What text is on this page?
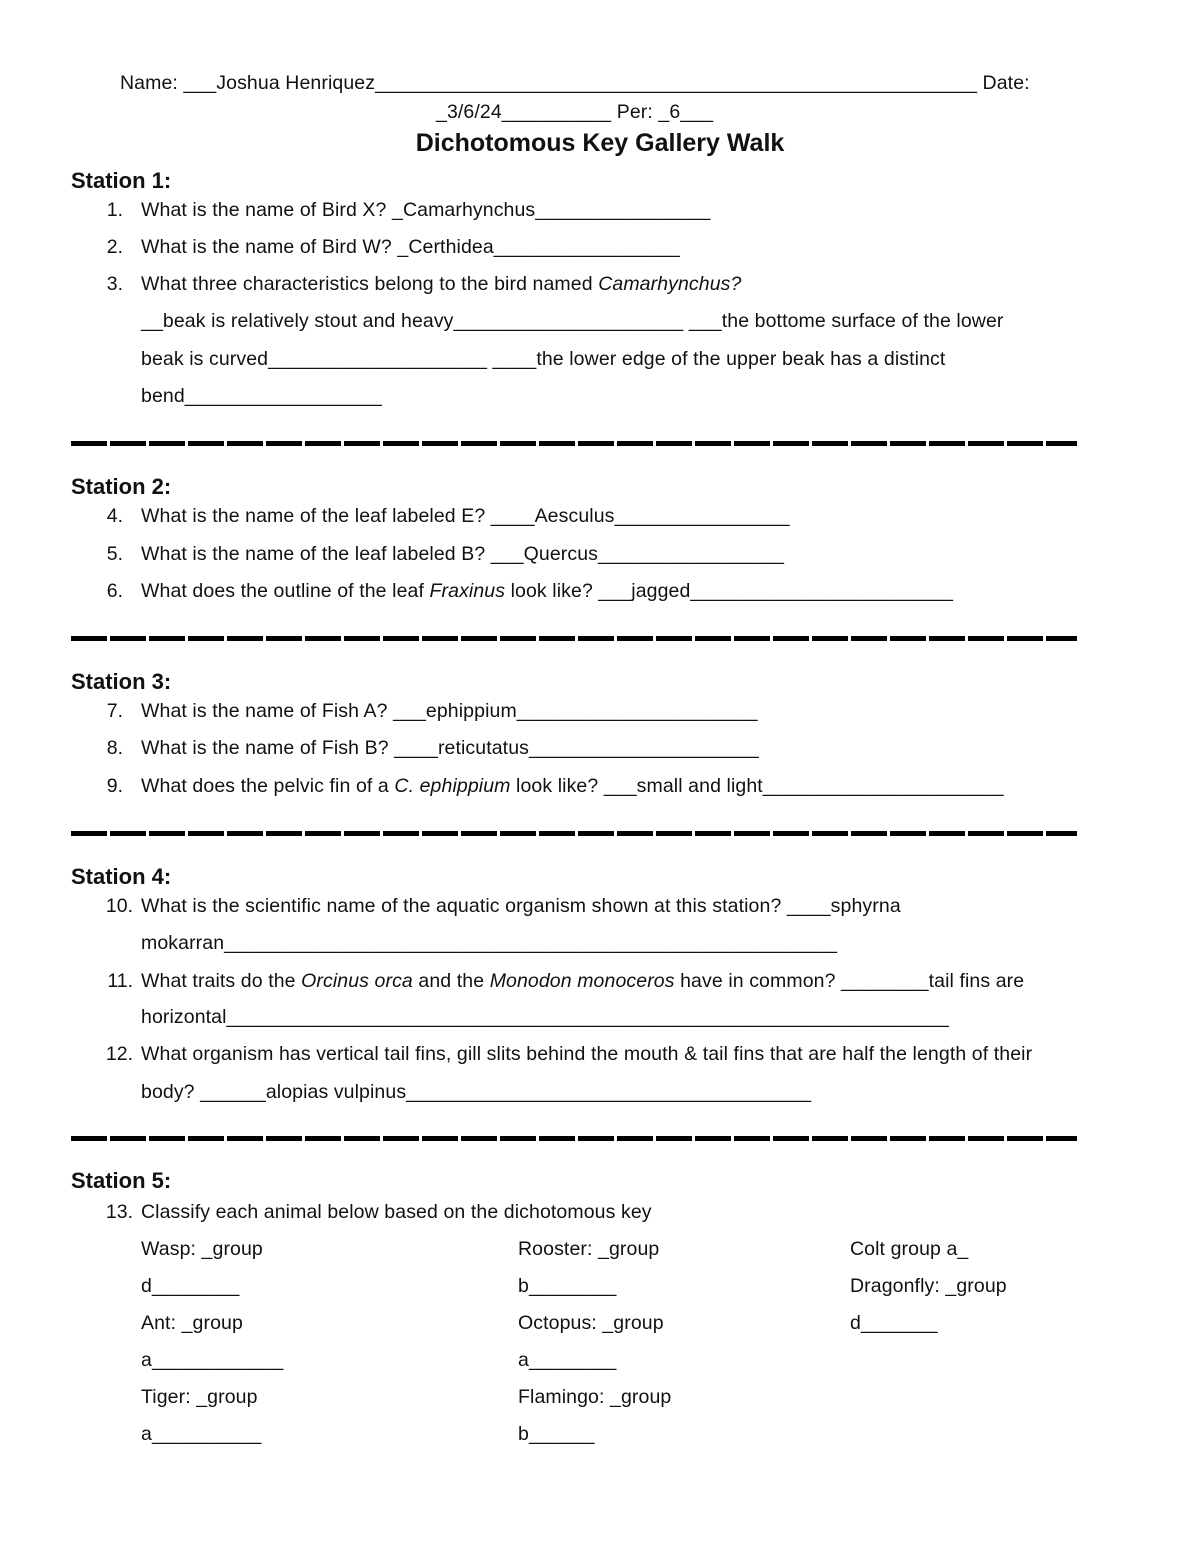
Name: ___Joshua Henriquez_______________________________________________________ Date:
_3/6/24__________ Per: _6___
Dichotomous Key Gallery Walk
Station 1:
1. What is the name of Bird X? _Camarhynchus________________
2. What is the name of Bird W? _Certhidea_________________
3. What three characteristics belong to the bird named Camarhynchus?
__beak is relatively stout and heavy_____________________ ___the bottome surface of the lower
beak is curved____________________ ____the lower edge of the upper beak has a distinct
bend__________________
Station 2:
4. What is the name of the leaf labeled E? ____Aesculus________________
5. What is the name of the leaf labeled B? ___Quercus_________________
6. What does the outline of the leaf Fraxinus look like? ___jagged________________________
Station 3:
7. What is the name of Fish A? ___ephippium______________________
8. What is the name of Fish B? ____reticutatus_____________________
9. What does the pelvic fin of a C. ephippium look like? ___small and light______________________
Station 4:
10. What is the scientific name of the aquatic organism shown at this station? ____sphyrna
mokarran________________________________________________________
11. What traits do the Orcinus orca and the Monodon monoceros have in common? ________tail fins are
horizontal__________________________________________________________________
12. What organism has vertical tail fins, gill slits behind the mouth & tail fins that are half the length of their
body? ______alopias vulpinus_____________________________________
Station 5:
13. Classify each animal below based on the dichotomous key
Wasp: _group
d________
Ant: _group
a____________
Tiger: _group
a__________
Rooster: _group
b________
Octopus: _group
a________
Flamingo: _group
b______
Colt group a_
Dragonfly: _group
d_______
